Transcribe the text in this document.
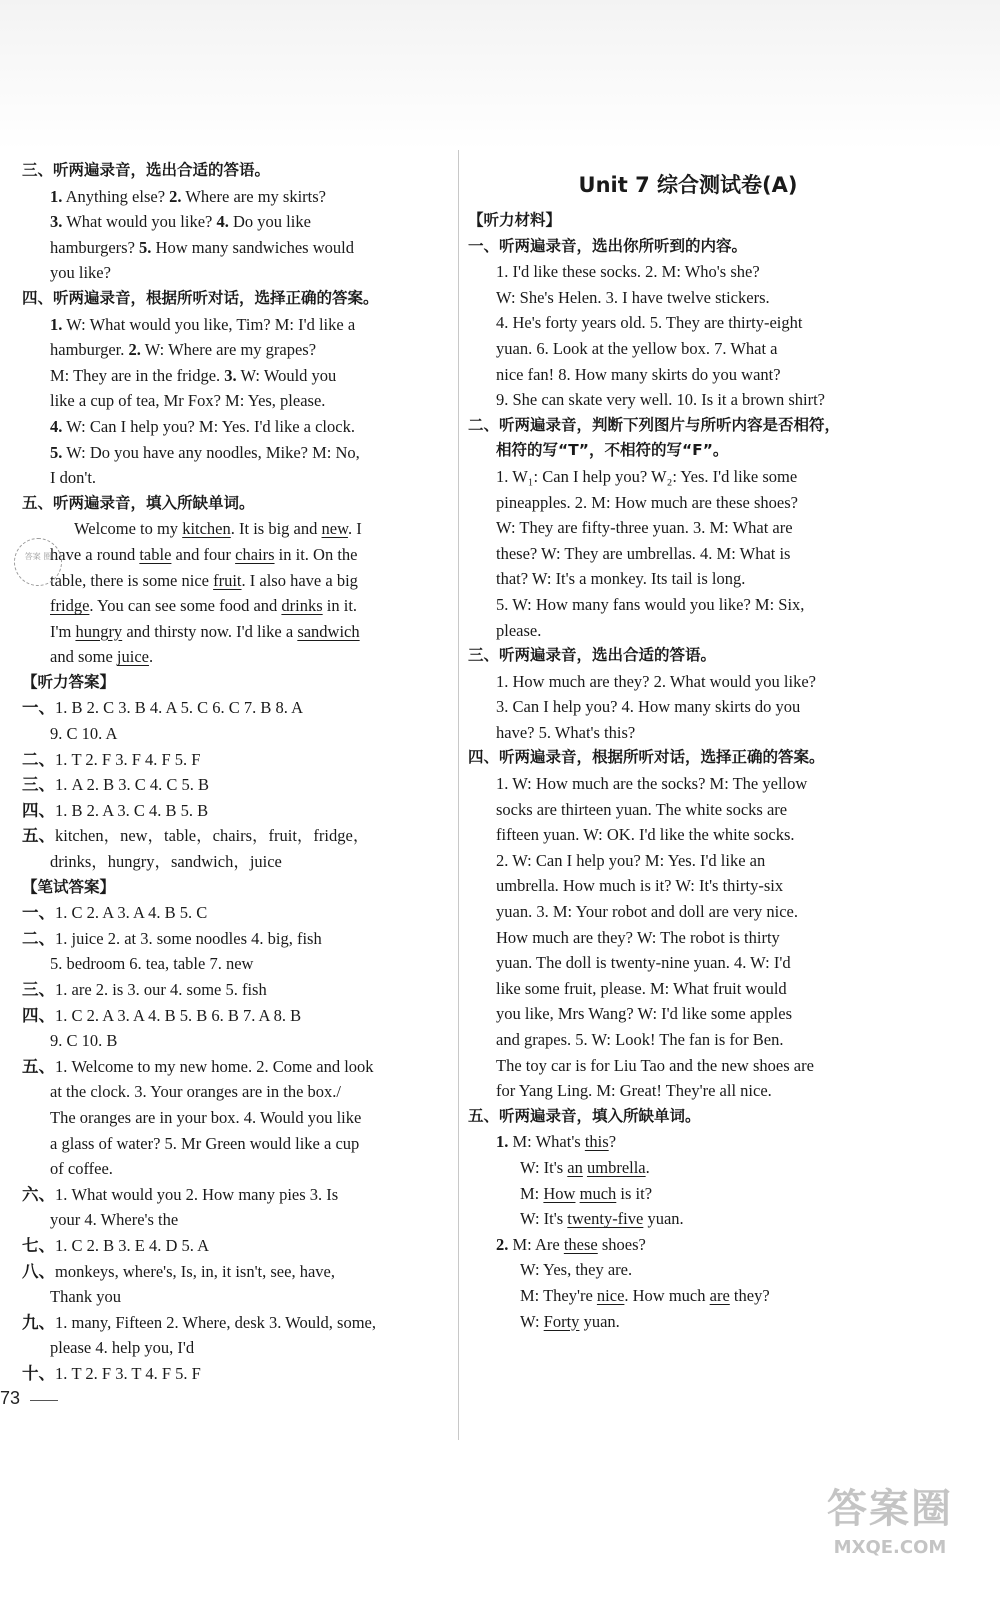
三、听两遍录音，选出合适的答语。
1. Anything else? 2. Where are my skirts?
3. What would you like? 4. Do you like
hamburgers? 5. How many sandwiches would
you like?
四、听两遍录音，根据所听对话，选择正确的答案。
1. W: What would you like, Tim? M: I'd like a
hamburger. 2. W: Where are my grapes?
M: They are in the fridge. 3. W: Would you
like a cup of tea, Mr Fox? M: Yes, please.
4. W: Can I help you? M: Yes. I'd like a clock.
5. W: Do you have any noodles, Mike? M: No,
I don't.
五、听两遍录音，填入所缺单词。
Welcome to my kitchen. It is big and new. I
have a round table and four chairs in it. On the
table, there is some nice fruit. I also have a big
fridge. You can see some food and drinks in it.
I'm hungry and thirsty now. I'd like a sandwich
and some juice.
【听力答案】
一、1. B 2. C 3. B 4. A 5. C 6. C 7. B 8. A
9. C 10. A
二、1. T 2. F 3. F 4. F 5. F
三、1. A 2. B 3. C 4. C 5. B
四、1. B 2. A 3. C 4. B 5. B
五、kitchen，new，table，chairs，fruit，fridge，
drinks，hungry，sandwich，juice
【笔试答案】
一、1. C 2. A 3. A 4. B 5. C
二、1. juice 2. at 3. some noodles 4. big, fish
5. bedroom 6. tea, table 7. new
三、1. are 2. is 3. our 4. some 5. fish
四、1. C 2. A 3. A 4. B 5. B 6. B 7. A 8. B
9. C 10. B
五、1. Welcome to my new home. 2. Come and look
at the clock. 3. Your oranges are in the box./
The oranges are in your box. 4. Would you like
a glass of water? 5. Mr Green would like a cup
of coffee.
六、1. What would you 2. How many pies 3. Is
your 4. Where's the
七、1. C 2. B 3. E 4. D 5. A
八、monkeys, where's, Is, in, it isn't, see, have,
Thank you
九、1. many, Fifteen 2. Where, desk 3. Would, some,
please 4. help you, I'd
十、1. T 2. F 3. T 4. F 5. F
Unit 7 综合测试卷(A)
【听力材料】
一、听两遍录音，选出你所听到的内容。
1. I'd like these socks. 2. M: Who's she?
W: She's Helen. 3. I have twelve stickers.
4. He's forty years old. 5. They are thirty-eight
yuan. 6. Look at the yellow box. 7. What a
nice fan! 8. How many skirts do you want?
9. She can skate very well. 10. Is it a brown shirt?
二、听两遍录音，判断下列图片与所听内容是否相符，
相符的写“T”，不相符的写“F”。
1. W₁: Can I help you? W₂: Yes. I'd like some
pineapples. 2. M: How much are these shoes?
W: They are fifty-three yuan. 3. M: What are
these? W: They are umbrellas. 4. M: What is
that? W: It's a monkey. Its tail is long.
5. W: How many fans would you like? M: Six,
please.
三、听两遍录音，选出合适的答语。
1. How much are they? 2. What would you like?
3. Can I help you? 4. How many skirts do you
have? 5. What's this?
四、听两遍录音，根据所听对话，选择正确的答案。
1. W: How much are the socks? M: The yellow
socks are thirteen yuan. The white socks are
fifteen yuan. W: OK. I'd like the white socks.
2. W: Can I help you? M: Yes. I'd like an
umbrella. How much is it? W: It's thirty-six
yuan. 3. M: Your robot and doll are very nice.
How much are they? W: The robot is thirty
yuan. The doll is twenty-nine yuan. 4. W: I'd
like some fruit, please. M: What fruit would
you like, Mrs Wang? W: I'd like some apples
and grapes. 5. W: Look! The fan is for Ben.
The toy car is for Liu Tao and the new shoes are
for Yang Ling. M: Great! They're all nice.
五、听两遍录音，填入所缺单词。
1. M: What's this?
W: It's an umbrella.
M: How much is it?
W: It's twenty-five yuan.
2. M: Are these shoes?
W: Yes, they are.
M: They're nice. How much are they?
W: Forty yuan.
答案 圈
73
答案圈
MXQE.COM
